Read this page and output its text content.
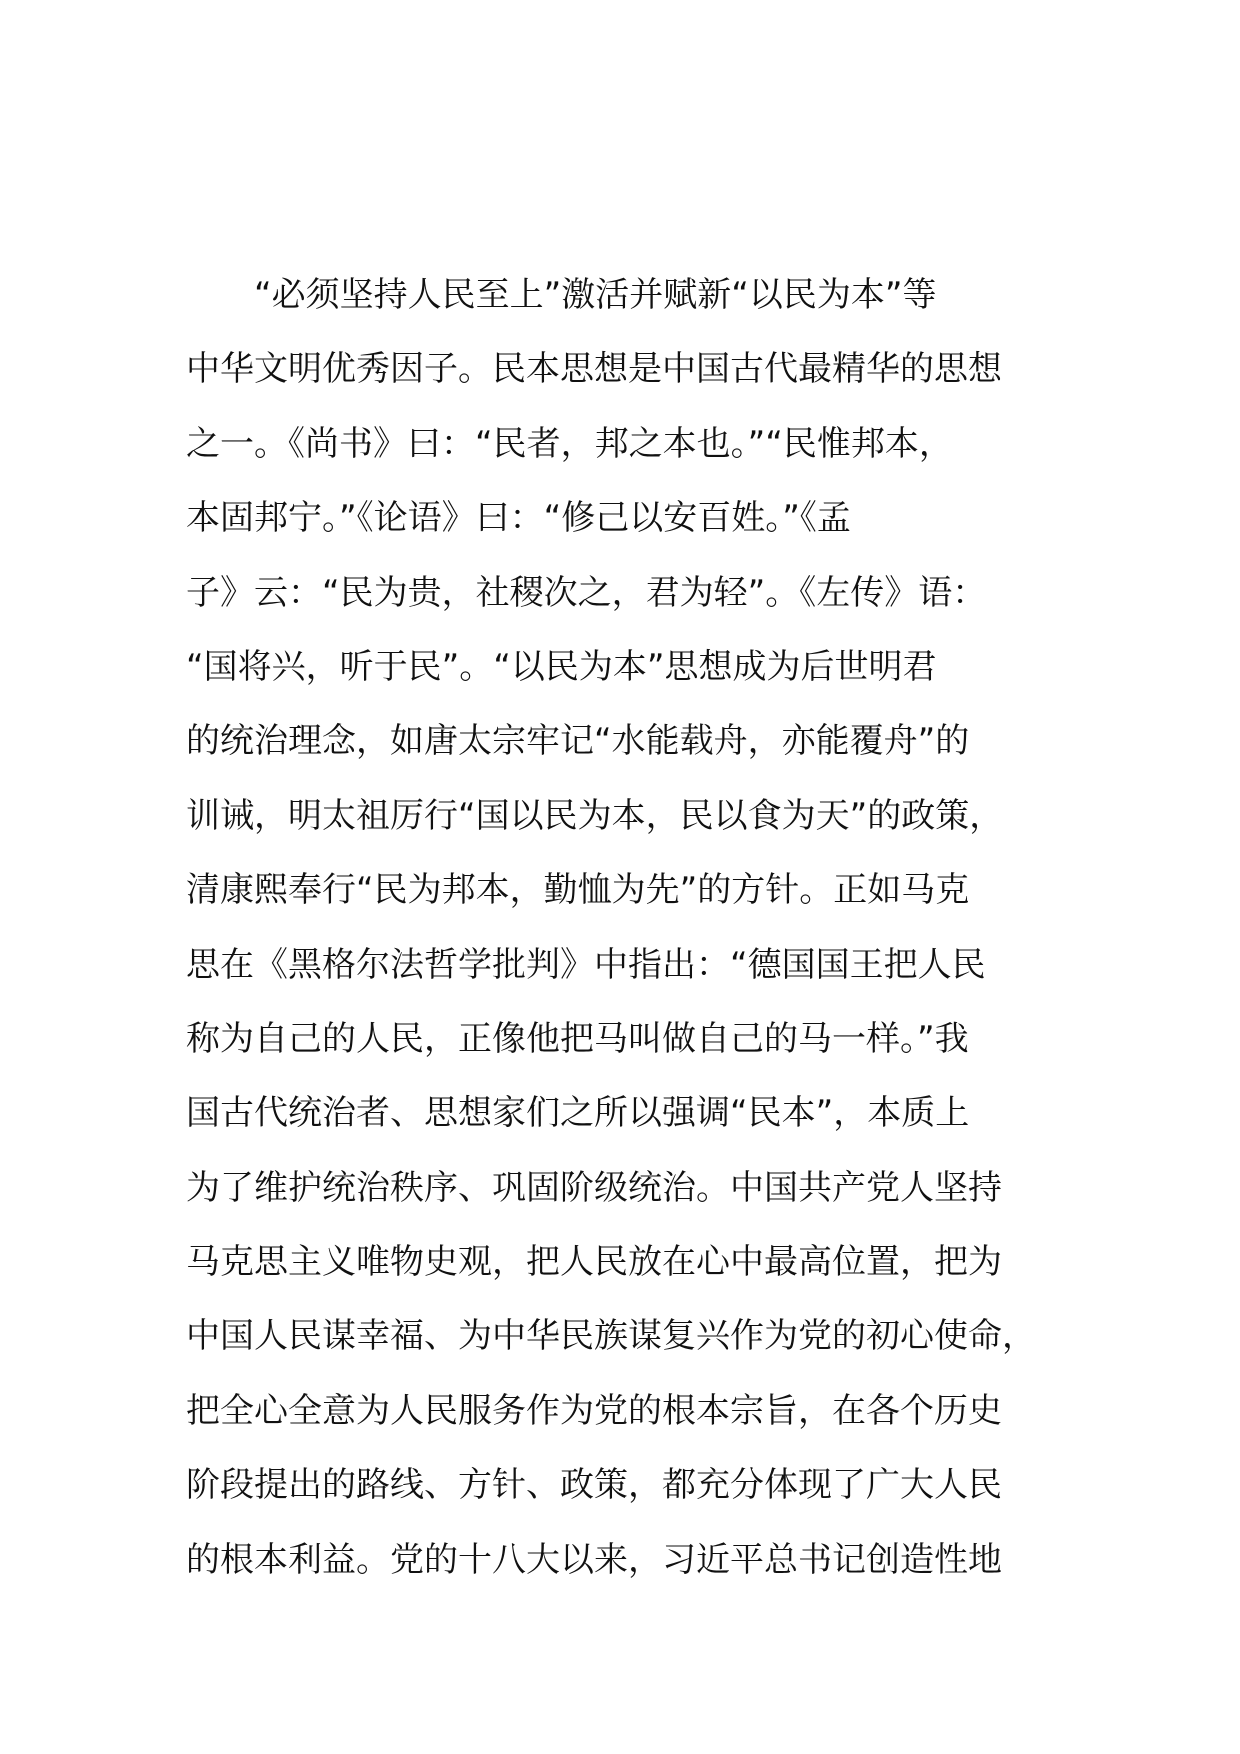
“必须坚持人民至上”激活并赋新“以民为本”等
中华文明优秀因子。民本思想是中国古代最精华的思想
之一。《尚书》曰：“民者，邦之本也。”“民惟邦本，
本固邦宁。”《论语》曰：“修己以安百姓。”《孟
子》云：“民为贵，社稷次之，君为轻”。《左传》语：
“国将兴，听于民”。“以民为本”思想成为后世明君
的统治理念，如唐太宗牢记“水能载舟，亦能覆舟”的
训诫，明太祖厉行“国以民为本，民以食为天”的政策，
清康熙奉行“民为邦本，勤恤为先”的方针。正如马克
思在《黑格尔法哲学批判》中指出：“德国国王把人民
称为自己的人民，正像他把马叫做自己的马一样。”我
国古代统治者、思想家们之所以强调“民本”，本质上
为了维护统治秩序、巩固阶级统治。中国共产党人坚持
马克思主义唯物史观，把人民放在心中最高位置，把为
中国人民谋幸福、为中华民族谋复兴作为党的初心使命，
把全心全意为人民服务作为党的根本宗旨，在各个历史
阶段提出的路线、方针、政策，都充分体现了广大人民
的根本利益。党的十八大以来，习近平总书记创造性地
